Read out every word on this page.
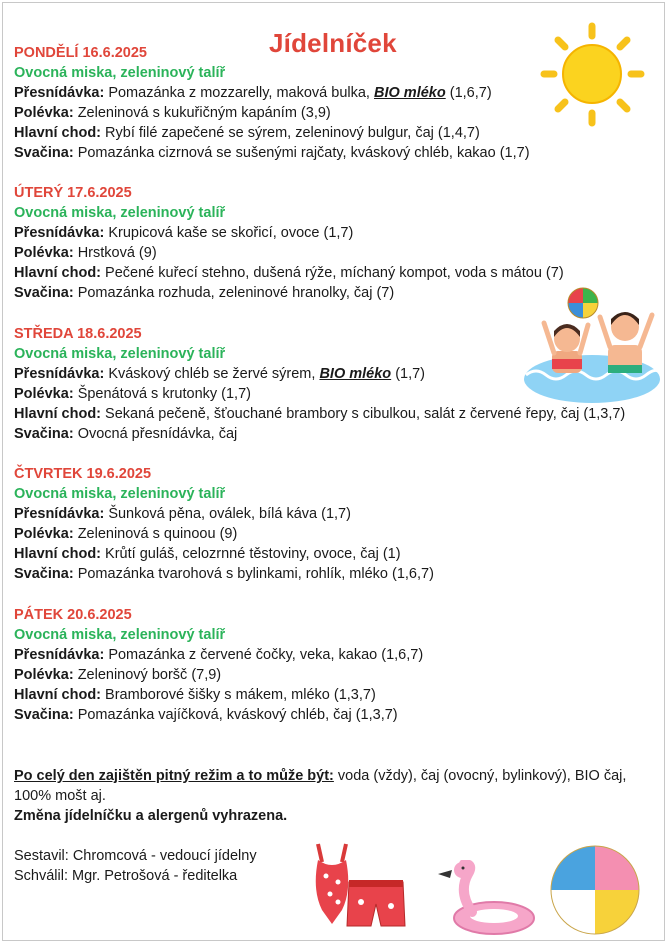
Jídelníček
PONDĚLÍ 16.6.2025
Ovocná miska, zeleninový talíř
Přesnídávka: Pomazánka z mozzarelly, maková bulka, BIO mléko (1,6,7)
Polévka: Zeleninová s kukuřičným kapáním (3,9)
Hlavní chod: Rybí filé zapečené se sýrem, zeleninový bulgur, čaj (1,4,7)
Svačina: Pomazánka cizrnová se sušenými rajčaty, kváskový chléb, kakao (1,7)
ÚTERÝ 17.6.2025
Ovocná miska, zeleninový talíř
Přesnídávka: Krupicová kaše se skořicí, ovoce (1,7)
Polévka: Hrstková (9)
Hlavní chod: Pečené kuřecí stehno, dušená rýže, míchaný kompot, voda s mátou (7)
Svačina: Pomazánka rozhuda, zeleninové hranolky, čaj (7)
STŘEDA 18.6.2025
Ovocná miska, zeleninový talíř
Přesnídávka: Kváskový chléb se žervé sýrem, BIO mléko (1,7)
Polévka: Špenátová s krutonky (1,7)
Hlavní chod: Sekaná pečeně, šťouchané brambory s cibulkou, salát z červené řepy, čaj (1,3,7)
Svačina: Ovocná přesnídávka, čaj
ČTVRTEK 19.6.2025
Ovocná miska, zeleninový talíř
Přesnídávka: Šunková pěna, oválek, bílá káva (1,7)
Polévka: Zeleninová s quinoou (9)
Hlavní chod: Krůtí guláš, celozrnné těstoviny, ovoce, čaj (1)
Svačina: Pomazánka tvarohová s bylinkami, rohlík, mléko (1,6,7)
PÁTEK 20.6.2025
Ovocná miska, zeleninový talíř
Přesnídávka: Pomazánka z červené čočky, veka, kakao (1,6,7)
Polévka: Zeleninový boršč (7,9)
Hlavní chod: Bramborové šišky s mákem, mléko (1,3,7)
Svačina: Pomazánka vajíčková, kváskový chléb, čaj (1,3,7)
Po celý den zajištěn pitný režim a to může být: voda (vždy), čaj (ovocný, bylinkový), BIO čaj,
100% mošt aj.
Změna jídelníčku a alergenů vyhrazena.
Sestavil: Chromcová - vedoucí jídelny
Schválil: Mgr. Petrošová - ředitelka
